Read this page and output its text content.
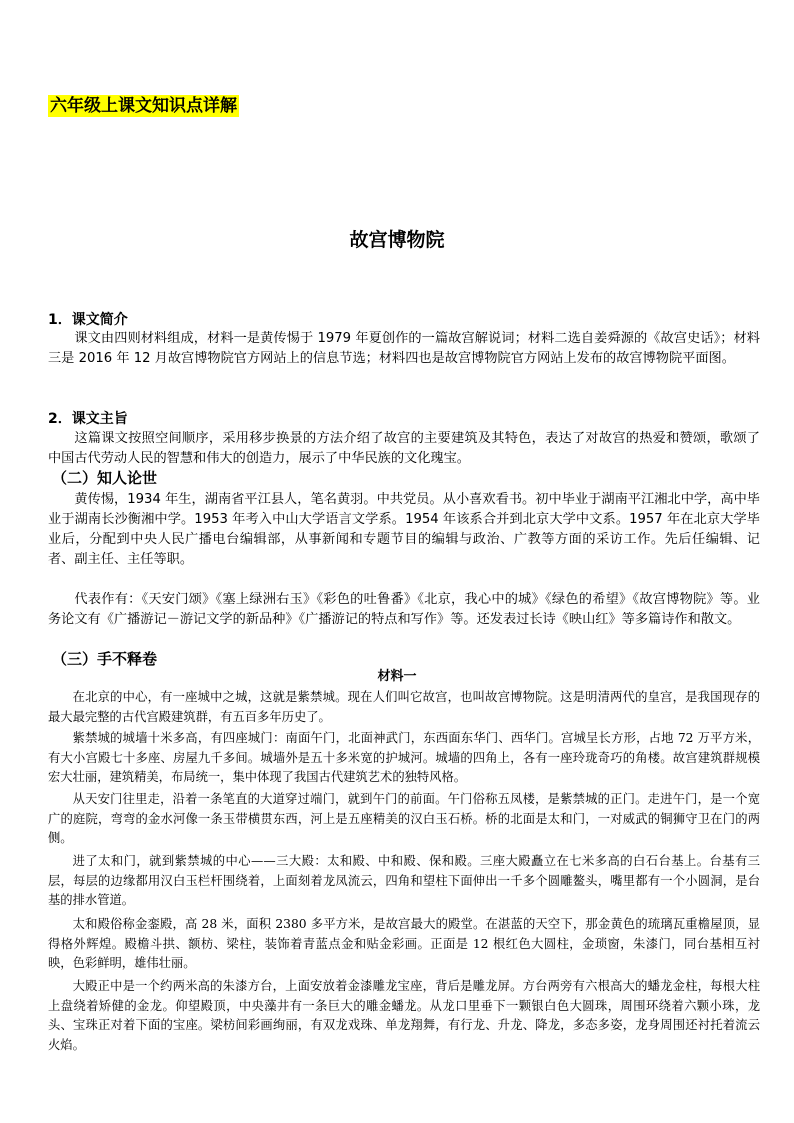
六年级上课文知识点详解
故宫博物院
1．课文简介

课文由四则材料组成，材料一是黄传惕于 1979 年夏创作的一篇故宫解说词；材料二选自姜舜源的《故宫史话》；材料三是 2016 年 12 月故宫博物院官方网站上的信息节选；材料四也是故宫博物院官方网站上发布的故宫博物院平面图。

2．课文主旨

这篇课文按照空间顺序，采用移步换景的方法介绍了故宫的主要建筑及其特色，表达了对故宫的热爱和赞颂，歌颂了中国古代劳动人民的智慧和伟大的创造力，展示了中华民族的文化瑰宝。

（二）知人论世

黄传惕，1934 年生，湖南省平江县人，笔名黄羽。中共党员。从小喜欢看书。初中毕业于湖南平江湘北中学，高中毕业于湖南长沙衡湘中学。1953 年考入中山大学语言文学系。1954 年该系合并到北京大学中文系。1957 年在北京大学毕业后，分配到中央人民广播电台编辑部，从事新闻和专题节目的编辑与政治、广教等方面的采访工作。先后任编辑、记者、副主任、主任等职。

代表作有：《天安门颂》《塞上绿洲右玉》《彩色的吐鲁番》《北京，我心中的城》《绿色的希望》《故宫博物院》等。业务论文有《广播游记－游记文学的新品种》《广播游记的特点和写作》等。还发表过长诗《映山红》等多篇诗作和散文。

（三）手不释卷
材料一

在北京的中心，有一座城中之城，这就是紫禁城。现在人们叫它故宫，也叫故宫博物院。这是明清两代的皇宫，是我国现存的最大最完整的古代宫殿建筑群，有五百多年历史了。

紫禁城的城墙十米多高，有四座城门：南面午门，北面神武门，东西面东华门、西华门。宫城呈长方形，占地 72 万平方米，有大小宫殿七十多座、房屋九千多间。城墙外是五十多米宽的护城河。城墙的四角上，各有一座玲珑奇巧的角楼。故宫建筑群规模宏大壮丽，建筑精美，布局统一，集中体现了我国古代建筑艺术的独特风格。

从天安门往里走，沿着一条笔直的大道穿过端门，就到午门的前面。午门俗称五凤楼，是紫禁城的正门。走进午门，是一个宽广的庭院，弯弯的金水河像一条玉带横贯东西，河上是五座精美的汉白玉石桥。桥的北面是太和门，一对威武的铜狮守卫在门的两侧。

进了太和门，就到紫禁城的中心——三大殿：太和殿、中和殿、保和殿。三座大殿矗立在七米多高的白石台基上。台基有三层，每层的边缘都用汉白玉栏杆围绕着，上面刻着龙凤流云，四角和望柱下面伸出一千多个圆雕鳌头，嘴里都有一个小圆洞，是台基的排水管道。

太和殿俗称金銮殿，高 28 米，面积 2380 多平方米，是故宫最大的殿堂。在湛蓝的天空下，那金黄色的琉璃瓦重檐屋顶，显得格外辉煌。殿檐斗拱、额枋、梁柱，装饰着青蓝点金和贴金彩画。正面是 12 根红色大圆柱，金琐窗，朱漆门，同台基相互衬映，色彩鲜明，雄伟壮丽。

大殿正中是一个约两米高的朱漆方台，上面安放着金漆雕龙宝座，背后是雕龙屏。方台两旁有六根高大的蟠龙金柱，每根大柱上盘绕着矫健的金龙。仰望殿顶，中央藻井有一条巨大的雕金蟠龙。从龙口里垂下一颗银白色大圆珠，周围环绕着六颗小珠，龙头、宝珠正对着下面的宝座。梁枋间彩画绚丽，有双龙戏珠、单龙翔舞，有行龙、升龙、降龙，多态多姿，龙身周围还衬托着流云火焰。
